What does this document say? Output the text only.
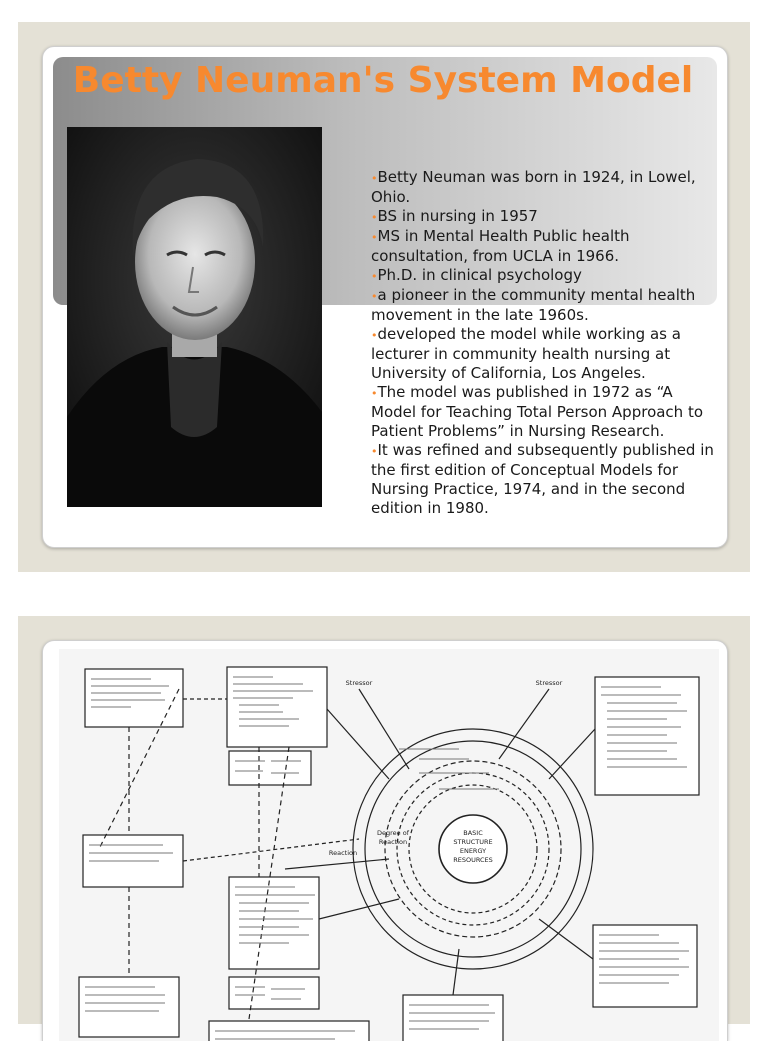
Betty Neuman's System Model
•Betty Neuman was born in 1924, in Lowel, Ohio.
•BS in nursing in 1957
•MS in Mental Health Public health consultation, from UCLA in 1966.
•Ph.D. in clinical psychology
•a pioneer in the community mental health movement in the late 1960s.
•developed the model while working as a lecturer in community health nursing at University of California, Los Angeles.
•The model was published in 1972 as “A Model for Teaching Total Person Approach to Patient Problems” in Nursing Research.
•It was refined and subsequently published in the first edition of Conceptual Models for Nursing Practice, 1974, and in the second edition in 1980.
BASIC
STRUCTURE
ENERGY
RESOURCES
Degree of
Reaction
Reaction
Stressor	Stressor
